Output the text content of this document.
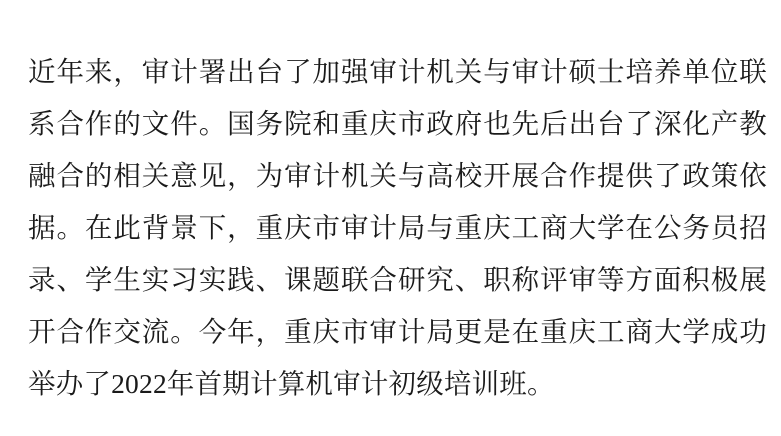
近年来，审计署出台了加强审计机关与审计硕士培养单位联系合作的文件。国务院和重庆市政府也先后出台了深化产教融合的相关意见，为审计机关与高校开展合作提供了政策依据。在此背景下，重庆市审计局与重庆工商大学在公务员招录、学生实习实践、课题联合研究、职称评审等方面积极展开合作交流。今年，重庆市审计局更是在重庆工商大学成功举办了2022年首期计算机审计初级培训班。
